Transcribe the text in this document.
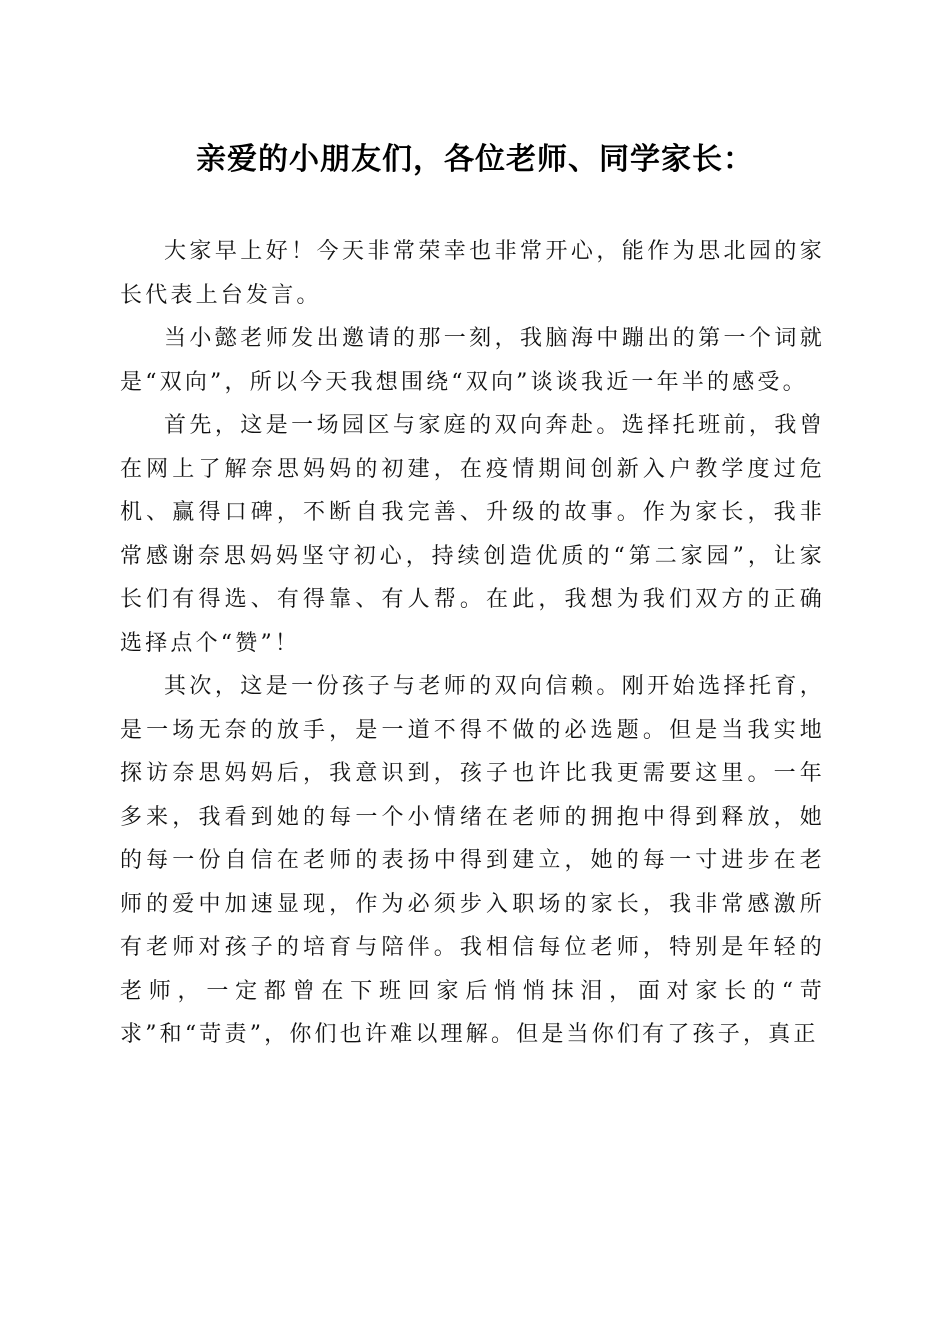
亲爱的小朋友们，各位老师、同学家长：

大家早上好！今天非常荣幸也非常开心，能作为思北园的家长代表上台发言。

当小懿老师发出邀请的那一刻，我脑海中蹦出的第一个词就是“双向”，所以今天我想围绕“双向”谈谈我近一年半的感受。

首先，这是一场园区与家庭的双向奔赴。选择托班前，我曾在网上了解奈思妈妈的初建，在疫情期间创新入户教学度过危机、赢得口碑，不断自我完善、升级的故事。作为家长，我非常感谢奈思妈妈坚守初心，持续创造优质的“第二家园”，让家长们有得选、有得靠、有人帮。在此，我想为我们双方的正确选择点个“赞”！

其次，这是一份孩子与老师的双向信赖。刚开始选择托育，是一场无奈的放手，是一道不得不做的必选题。但是当我实地探访奈思妈妈后，我意识到，孩子也许比我更需要这里。一年多来，我看到她的每一个小情绪在老师的拥抱中得到释放，她的每一份自信在老师的表扬中得到建立，她的每一寸进步在老师的爱中加速显现，作为必须步入职场的家长，我非常感激所有老师对孩子的培育与陪伴。我相信每位老师，特别是年轻的老师，一定都曾在下班回家后悄悄抹泪，面对家长的“苛求”和“苛责”，你们也许难以理解。但是当你们有了孩子，真正
